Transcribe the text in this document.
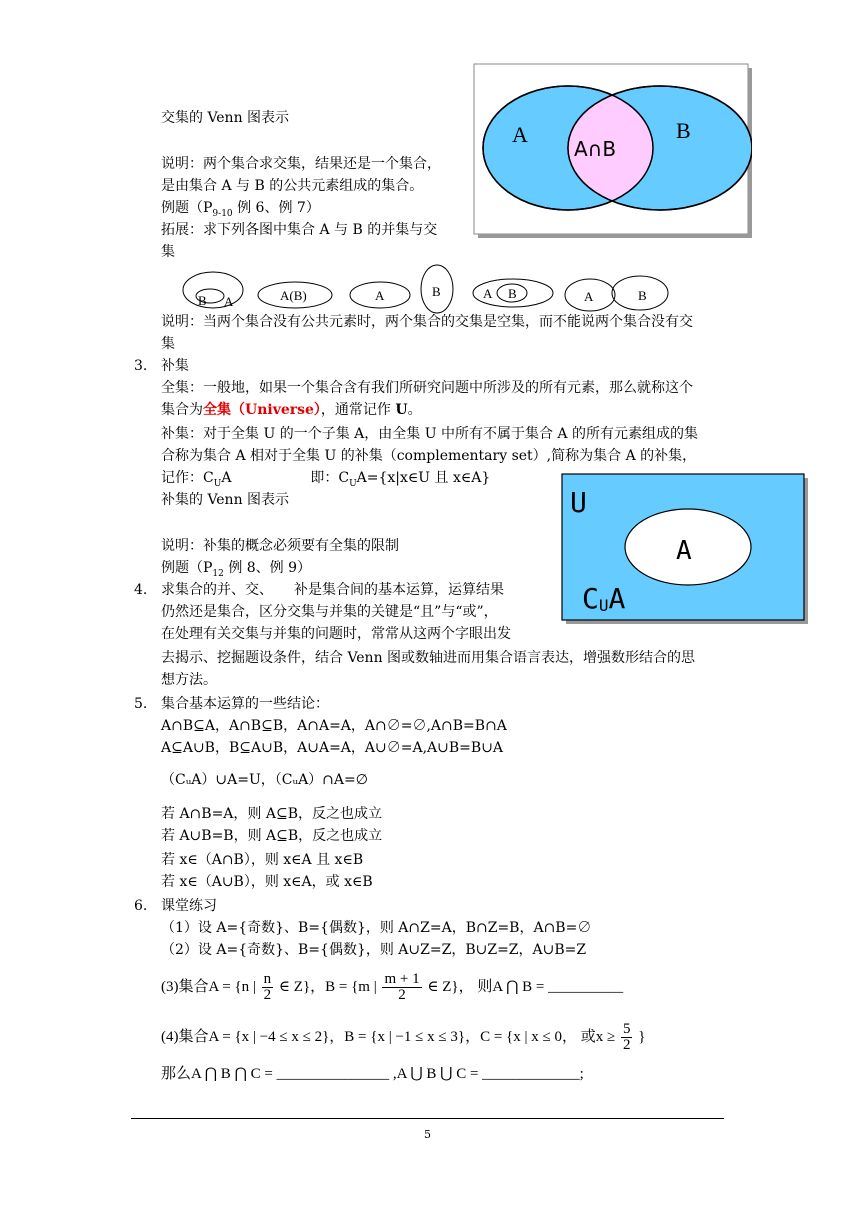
交集的 Venn 图表示
说明：两个集合求交集，结果还是一个集合，
是由集合 A 与 B 的公共元素组成的集合。
例题（$P_{9-10}$ 例 6、例 7）
拓展：求下列各图中集合 A 与 B 的并集与交
集
A	B
A∩B
B A	A(B)	A	B	A B	A	B
说明：当两个集合没有公共元素时，两个集合的交集是空集，而不能说两个集合没有交
集
3. 补集
全集：一般地，如果一个集合含有我们所研究问题中所涉及的所有元素，那么就称这个
集合为全集（Universe），通常记作 U。
补集：对于全集 U 的一个子集 A，由全集 U 中所有不属于集合 A 的所有元素组成的集
合称为集合 A 相对于全集 U 的补集（complementary set）,简称为集合 A 的补集，
记作：$C_UA$	即：$C_UA=\{x|x\in U$ 且 x∈A}
补集的 Venn 图表示
说明：补集的概念必须要有全集的限制
例题（$P_{12}$ 例 8、例 9）
U
A
CUA
4. 求集合的并、交、　　补是集合间的基本运算，运算结果
仍然还是集合，区分交集与并集的关键是“且”与“或”，
在处理有关交集与并集的问题时，常常从这两个字眼出发
去揭示、挖掘题设条件，结合 Venn 图或数轴进而用集合语言表达，增强数形结合的思
想方法。
5. 集合基本运算的一些结论：
A∩B⊆A，A∩B⊆B，A∩A=A，A∩∅=∅,A∩B=B∩A
A⊆A∪B，B⊆A∪B，A∪A=A，A∪∅=A,A∪B=B∪A
（CᵤA）∪A=U，（CᵤA）∩A=∅
若 A∩B=A，则 A⊆B，反之也成立
若 A∪B=B，则 A⊆B，反之也成立
若 x∈（A∩B），则 x∈A 且 x∈B
若 x∈（A∪B），则 x∈A，或 x∈B
6. 课堂练习
（1）设 A={奇数}、B={偶数}，则 A∩Z=A，B∩Z=B，A∩B=∅
（2）设 A={奇数}、B={偶数}，则 A∪Z=Z，B∪Z=Z，A∪B=Z
(3)集合A = {n | $\frac{n}{2}$ ∈ Z}，B = {m | $\frac{m + 1}{2}$ ∈ Z}， 则A ⋂ B = __________
(4)集合A = {x | −4 ≤ x ≤ 2}，B = {x | −1 ≤ x ≤ 3}，C = {x | x ≤ 0， 或$x \ge \frac{5}{2}$ }
那么A ⋂ B ⋂ C = _______________ ,A ⋃ B ⋃ C = _____________;
5
